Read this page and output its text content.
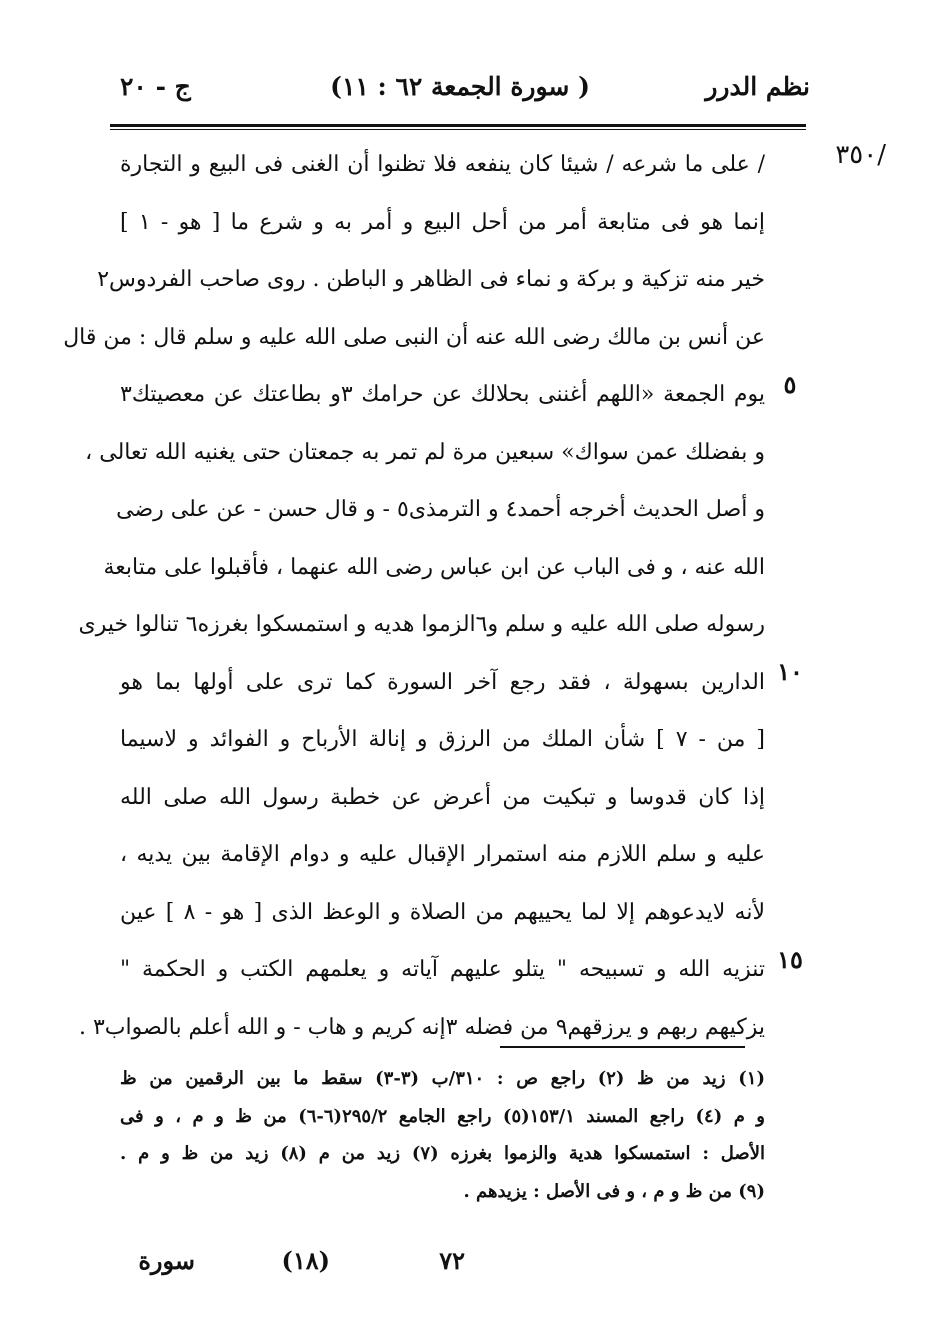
نظم الدرر
( سورة الجمعة ٦٢ : ١١)
ج - ٢٠
/٣٥٠
٥
١٠
١٥
/ على ما شرعه / شيئا كان ينفعه فلا تظنوا أن الغنى فى البيع و التجارة
إنما هو فى متابعة أمر من أحل البيع و أمر به و شرع ما [ هو - ١ ]
خير منه تزكية و بركة و نماء فى الظاهر و الباطن . روى صاحب الفردوس٢
عن أنس بن مالك رضى الله عنه أن النبى صلى الله عليه و سلم قال : من قال
يوم الجمعة «اللهم أغننى بحلالك عن حرامك ٣و بطاعتك عن معصيتك٣
و بفضلك عمن سواك» سبعين مرة لم تمر به جمعتان حتى يغنيه الله تعالى ،
و أصل الحديث أخرجه أحمد٤ و الترمذى٥ - و قال حسن - عن على رضى
الله عنه ، و فى الباب عن ابن عباس رضى الله عنهما ، فأقبلوا على متابعة
رسوله صلى الله عليه و سلم و٦الزموا هديه و استمسكوا بغرزه٦ تنالوا خيرى
الدارين بسهولة ، فقد رجع آخر السورة كما ترى على أولها بما هو
[ من - ٧ ] شأن الملك من الرزق و إنالة الأرباح و الفوائد و لاسيما
إذا كان قدوسا و تبكيت من أعرض عن خطبة رسول الله صلى الله
عليه و سلم اللازم منه استمرار الإقبال عليه و دوام الإقامة بين يديه ،
لأنه لايدعوهم إلا لما يحييهم من الصلاة و الوعظ الذى [ هو - ٨ ] عين
تنزيه الله و تسبيحه " يتلو عليهم آياته و يعلمهم الكتب و الحكمة "
يزكيهم ربهم و يرزقهم٩ من فضله ٣إنه كريم و هاب - و الله أعلم بالصواب٣ .
(١) زيد من ظ (٢) راجع ص : ٣١٠/ب (٣-٣) سقط ما بين الرقمين من ظ
و م (٤) راجع المسند ١٥٣/١(٥) راجع الجامع ٢٩٥/٢(٦-٦) من ظ و م ، و فى
الأصل : استمسكوا هدية والزموا بغرزه (٧) زيد من م (٨) زيد من ظ و م .
(٩) من ظ و م ، و فى الأصل : يزيدهم .
٧٢
(١٨)
سورة
